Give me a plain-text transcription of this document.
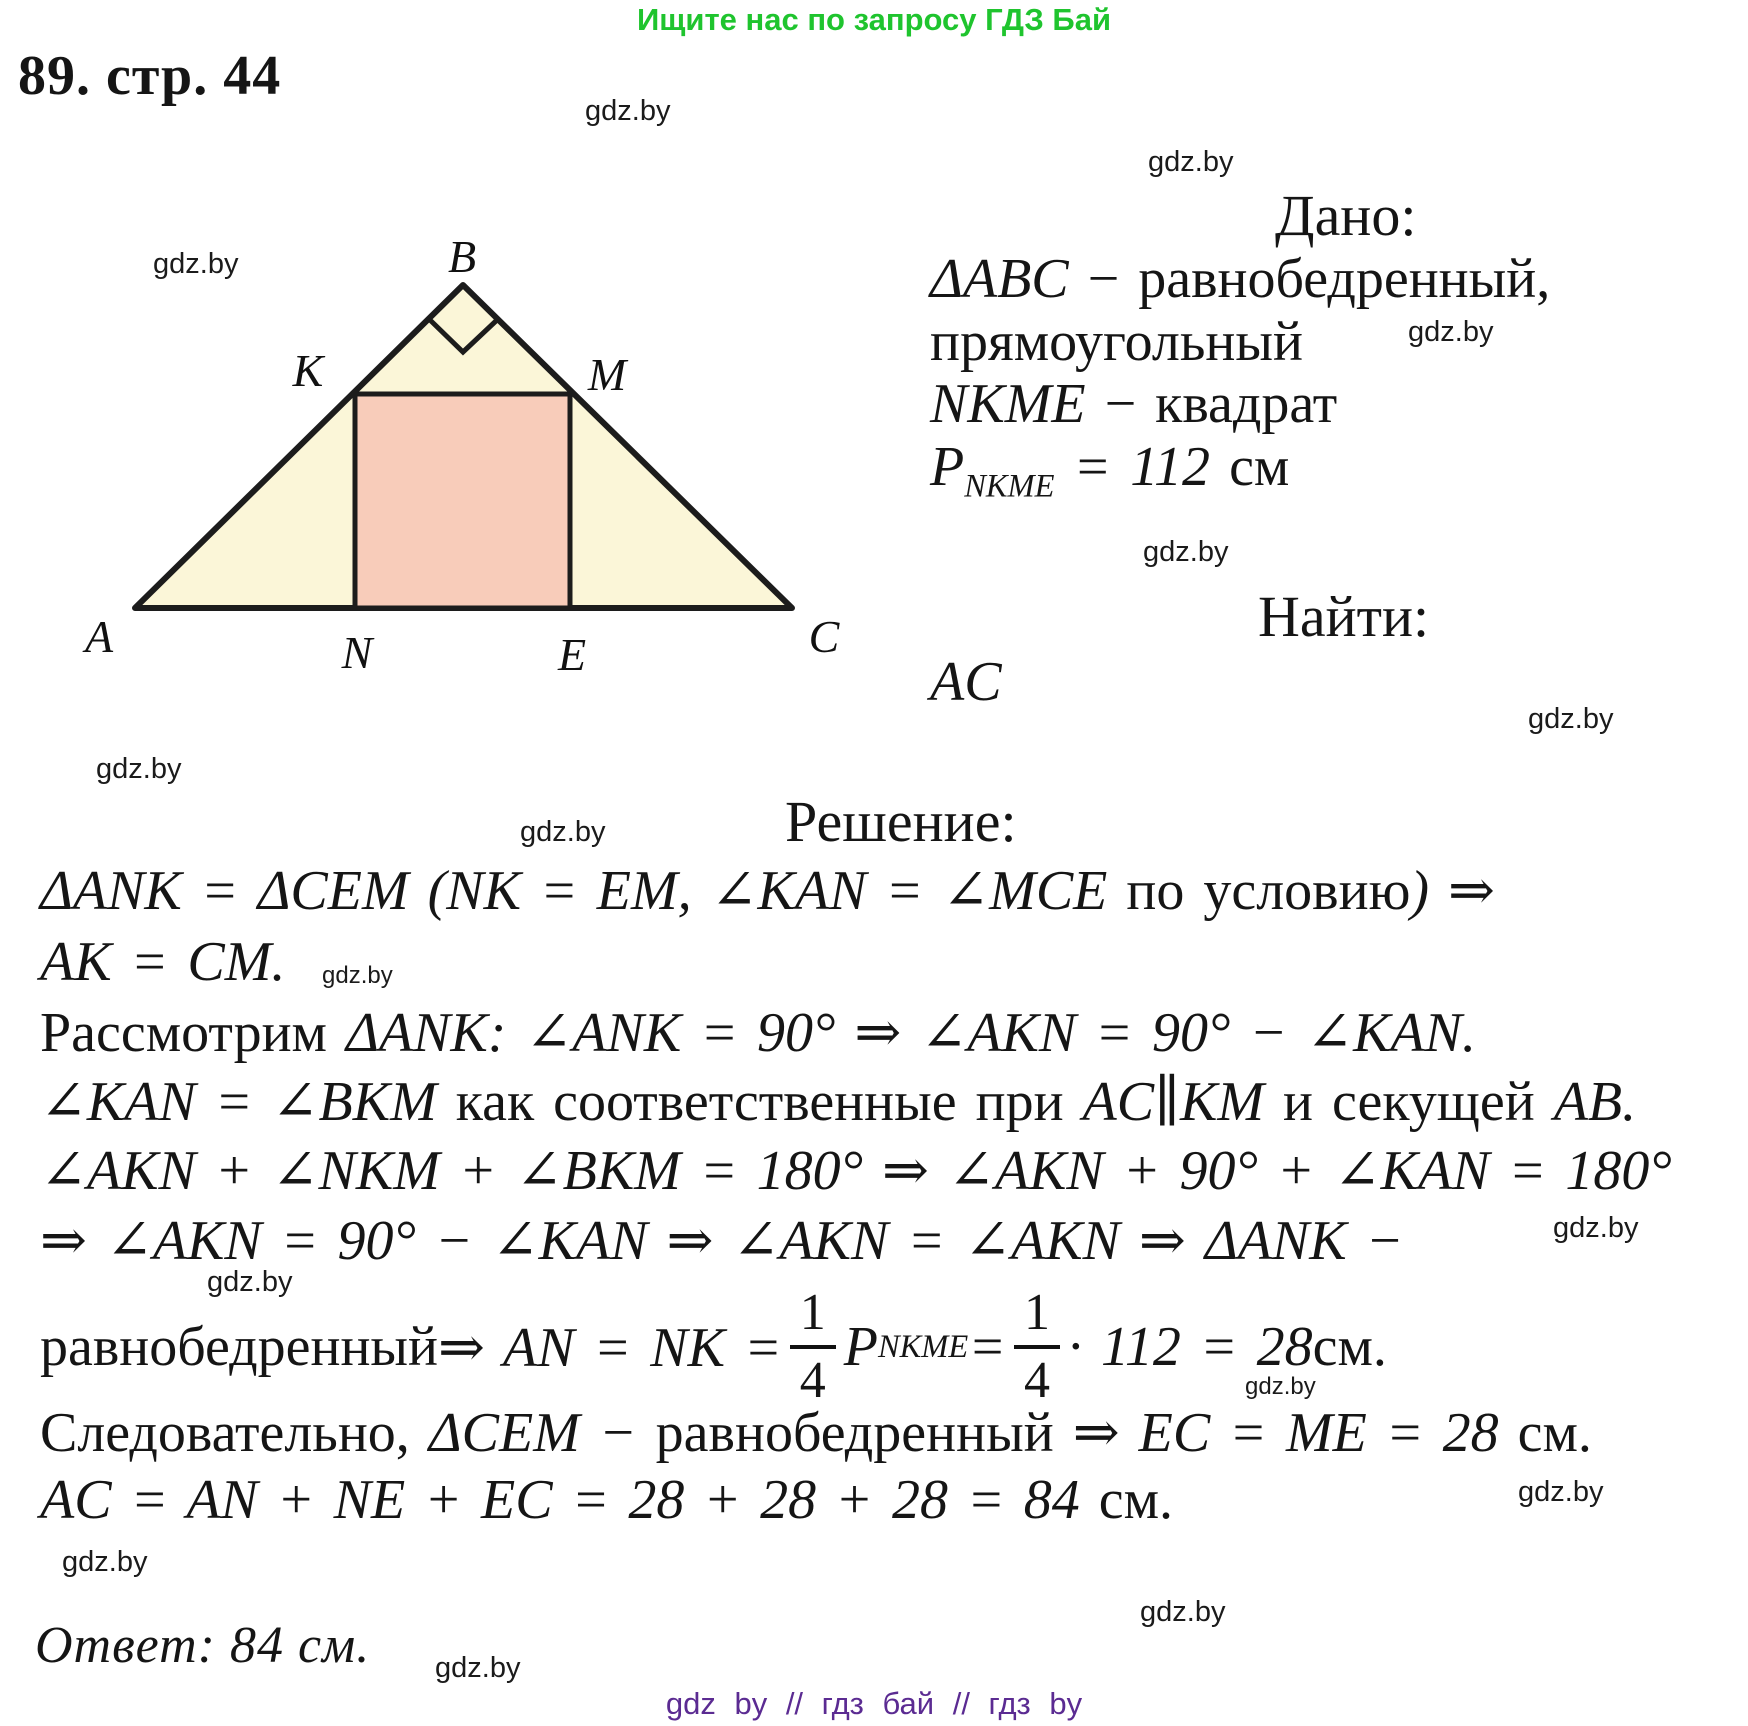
Ищите нас по запросу ГДЗ Бай
89. стр. 44
gdz.by
gdz.by
gdz.by
gdz.by
gdz.by
gdz.by
gdz.by
gdz.by
gdz.by
gdz.by
gdz.by
gdz.by
gdz.by
gdz.by
gdz.by
gdz.by
B
K	M
A	N	E	C
Дано:
ΔABC − равнобедренный,
прямоугольный
NKME − квадрат
$P_{NKME} = 112$ см
Найти:
AC
Решение:
ΔANK = ΔCEM (NK = EM, ∠KAN = ∠MCE по условию) ⇒
AK = CM.
Рассмотрим ΔANK: ∠ANK = 90° ⇒ ∠AKN = 90° − ∠KAN.
∠KAN = ∠BKM как соответственные при AC∥KM и секущей AB.
∠AKN + ∠NKM + ∠BKM = 180° ⇒ ∠AKN + 90° + ∠KAN = 180°
⇒ ∠AKN = 90° − ∠KAN ⇒ ∠AKN = ∠AKN ⇒ ΔANK −
равнобедренный ⇒ AN = NK = $\frac{1}{4}$ P NKME = $\frac{1}{4} \cdot 112 = 28$ см.
Следовательно, ΔCEM − равнобедренный ⇒ EC = ME = 28 см.
AC = AN + NE + EC = 28 + 28 + 28 = 84 см.
Ответ: 84 см.
gdz by // гдз бай // гдз by
